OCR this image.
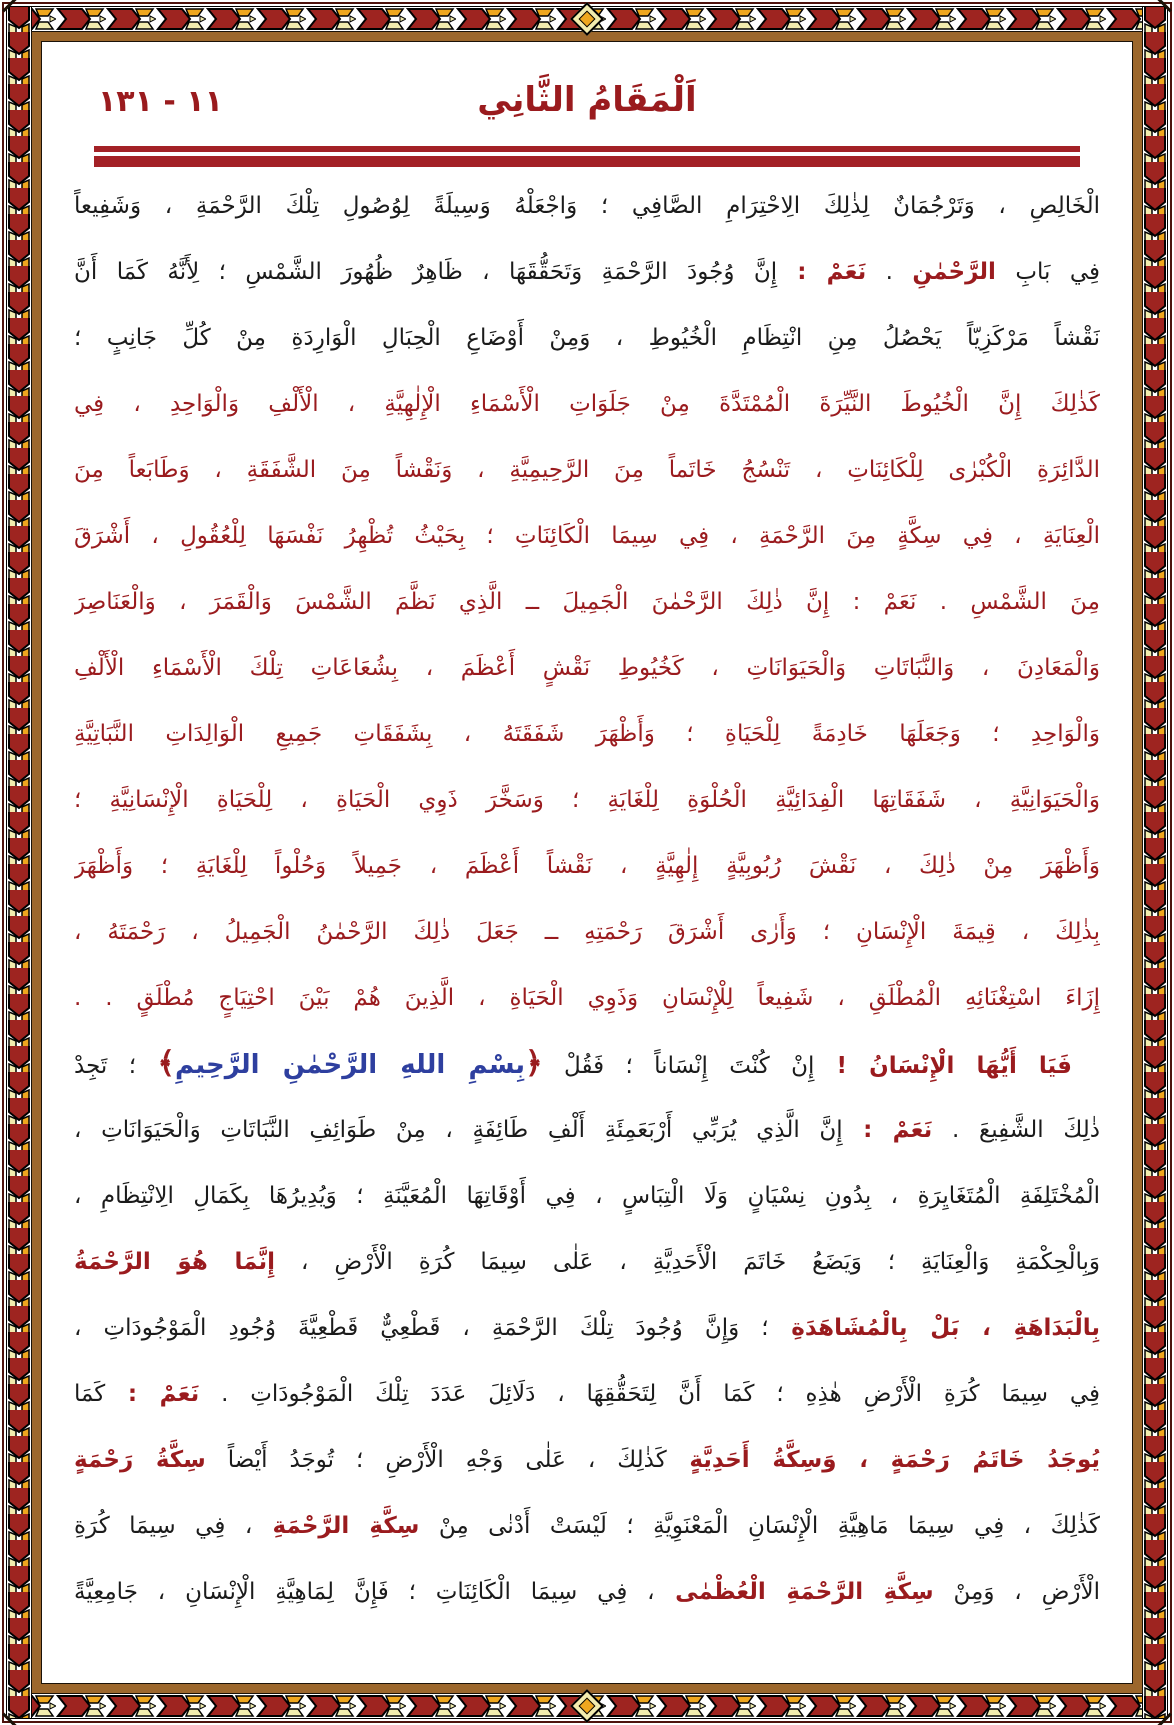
١١ - ١٣١	اَلْمَقَامُ الثَّانِي
الْخَالِصِ ، وَتَرْجُمَانٌ لِذٰلِكَ الِاحْتِرَامِ الصَّافِي ؛ وَاجْعَلْهُ وَسِيلَةً لِوُصُولِ تِلْكَ الرَّحْمَةِ ، وَشَفِيعاً
فِي بَابِ الرَّحْمٰنِ . نَعَمْ : إِنَّ وُجُودَ الرَّحْمَةِ وَتَحَقُّقَهَا ، ظَاهِرٌ ظُهُورَ الشَّمْسِ ؛ لِأَنَّهُ كَمَا أَنَّ
نَقْشاً مَرْكَزِيّاً يَحْصُلُ مِنِ انْتِظَامِ الْخُيُوطِ ، وَمِنْ أَوْضَاعِ الْحِبَالِ الْوَارِدَةِ مِنْ كُلِّ جَانِبٍ ؛
كَذٰلِكَ إِنَّ الْخُيُوطَ النَّيِّرَةَ الْمُمْتَدَّةَ مِنْ جَلَوَاتِ الْأَسْمَاءِ الْإِلٰهِيَّةِ ، الْأَلْفِ وَالْوَاحِدِ ، فِي
الدَّائِرَةِ الْكُبْرٰى لِلْكَائِنَاتِ ، تَنْسُجُ خَاتَماً مِنَ الرَّحِيمِيَّةِ ، وَنَقْشاً مِنَ الشَّفَقَةِ ، وَطَابَعاً مِنَ
الْعِنَايَةِ ، فِي سِكَّةٍ مِنَ الرَّحْمَةِ ، فِي سِيمَا الْكَائِنَاتِ ؛ بِحَيْثُ تُظْهِرُ نَفْسَهَا لِلْعُقُولِ ، أَشْرَقَ
مِنَ الشَّمْسِ . نَعَمْ : إِنَّ ذٰلِكَ الرَّحْمٰنَ الْجَمِيلَ ــ الَّذِي نَظَّمَ الشَّمْسَ وَالْقَمَرَ ، وَالْعَنَاصِرَ
وَالْمَعَادِنَ ، وَالنَّبَاتَاتِ وَالْحَيَوَانَاتِ ، كَخُيُوطِ نَقْشٍ أَعْظَمَ ، بِشُعَاعَاتِ تِلْكَ الْأَسْمَاءِ الْأَلْفِ
وَالْوَاحِدِ ؛ وَجَعَلَهَا خَادِمَةً لِلْحَيَاةِ ؛ وَأَظْهَرَ شَفَقَتَهُ ، بِشَفَقَاتِ جَمِيعِ الْوَالِدَاتِ النَّبَاتِيَّةِ
وَالْحَيَوَانِيَّةِ ، شَفَقَاتِهَا الْفِدَائِيَّةِ الْحُلْوَةِ لِلْغَايَةِ ؛ وَسَخَّرَ ذَوِي الْحَيَاةِ ، لِلْحَيَاةِ الْإِنْسَانِيَّةِ ؛
وَأَظْهَرَ مِنْ ذٰلِكَ ، نَقْشَ رُبُوبِيَّةٍ إِلٰهِيَّةٍ ، نَقْشاً أَعْظَمَ ، جَمِيلاً وَحُلْواً لِلْغَايَةِ ؛ وَأَظْهَرَ
بِذٰلِكَ ، قِيمَةَ الْإِنْسَانِ ؛ وَأَرٰى أَشْرَقَ رَحْمَتِهِ ــ جَعَلَ ذٰلِكَ الرَّحْمٰنُ الْجَمِيلُ ، رَحْمَتَهُ ،
إِزَاءَ اسْتِغْنَائِهِ الْمُطْلَقِ ، شَفِيعاً لِلْإِنْسَانِ وَذَوِي الْحَيَاةِ ، الَّذِينَ هُمْ بَيْنَ احْتِيَاجٍ مُطْلَقٍ . .
فَيَا أَيُّهَا الْإِنْسَانُ ! إِنْ كُنْتَ إِنْسَاناً ؛ فَقُلْ ﴿بِسْمِ اللهِ الرَّحْمٰنِ الرَّحِيمِ﴾ ؛ تَجِدْ
ذٰلِكَ الشَّفِيعَ . نَعَمْ : إِنَّ الَّذِي يُرَبِّي أَرْبَعَمِئَةِ أَلْفِ طَائِفَةٍ ، مِنْ طَوَائِفِ النَّبَاتَاتِ وَالْحَيَوَانَاتِ ،
الْمُخْتَلِفَةِ الْمُتَغَايِرَةِ ، بِدُونِ نِسْيَانٍ وَلَا الْتِبَاسٍ ، فِي أَوْقَاتِهَا الْمُعَيَّنَةِ ؛ وَيُدِيرُهَا بِكَمَالِ الِانْتِظَامِ ،
وَبِالْحِكْمَةِ وَالْعِنَايَةِ ؛ وَيَضَعُ خَاتَمَ الْأَحَدِيَّةِ ، عَلٰى سِيمَا كُرَةِ الْأَرْضِ ، إِنَّمَا هُوَ الرَّحْمَةُ
بِالْبَدَاهَةِ ، بَلْ بِالْمُشَاهَدَةِ ؛ وَإِنَّ وُجُودَ تِلْكَ الرَّحْمَةِ ، قَطْعِيٌّ قَطْعِيَّةَ وُجُودِ الْمَوْجُودَاتِ ،
فِي سِيمَا كُرَةِ الْأَرْضِ هٰذِهِ ؛ كَمَا أَنَّ لِتَحَقُّقِهَا ، دَلَائِلَ عَدَدَ تِلْكَ الْمَوْجُودَاتِ . نَعَمْ : كَمَا
يُوجَدُ خَاتَمُ رَحْمَةٍ ، وَسِكَّةُ أَحَدِيَّةٍ كَذٰلِكَ ، عَلٰى وَجْهِ الْأَرْضِ ؛ تُوجَدُ أَيْضاً سِكَّةُ رَحْمَةٍ
كَذٰلِكَ ، فِي سِيمَا مَاهِيَّةِ الْإِنْسَانِ الْمَعْنَوِيَّةِ ؛ لَيْسَتْ أَدْنٰى مِنْ سِكَّةِ الرَّحْمَةِ ، فِي سِيمَا كُرَةِ
الْأَرْضِ ، وَمِنْ سِكَّةِ الرَّحْمَةِ الْعُظْمٰى ، فِي سِيمَا الْكَائِنَاتِ ؛ فَإِنَّ لِمَاهِيَّةِ الْإِنْسَانِ ، جَامِعِيَّةً
